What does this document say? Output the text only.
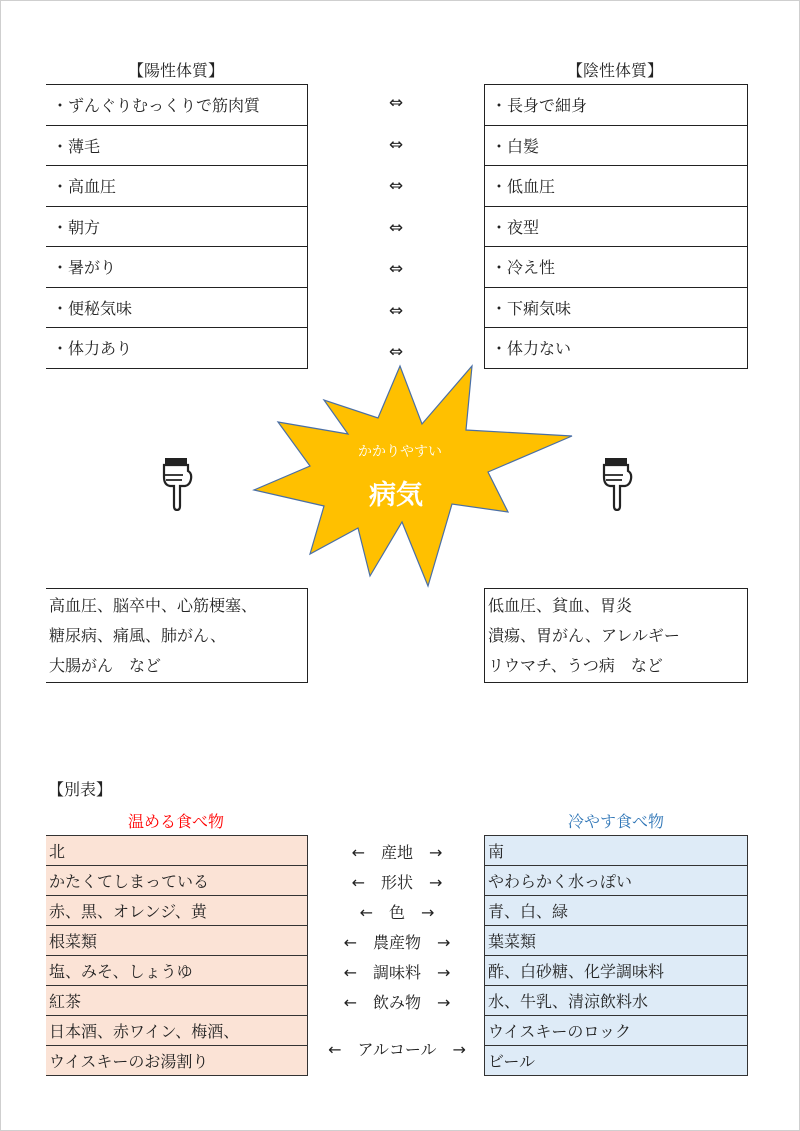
【陽性体質】	【陰性体質】
・ずんぐりむっくりで筋肉質
・薄毛
・高血圧
・朝方
・暑がり
・便秘気味
・体力あり
・長身で細身
・白髪
・低血圧
・夜型
・冷え性
・下痢気味
・体力ない
⇔
⇔
⇔
⇔
⇔
⇔
⇔
かかりやすい
病気
高血圧、脳卒中、心筋梗塞、
糖尿病、痛風、肺がん、
大腸がん　など
低血圧、貧血、胃炎
潰瘍、胃がん、アレルギー
リウマチ、うつ病　など
【別表】
温める食べ物	冷やす食べ物
北
かたくてしまっている
赤、黒、オレンジ、黄
根菜類
塩、みそ、しょうゆ
紅茶
日本酒、赤ワイン、梅酒、
ウイスキーのお湯割り
南
やわらかく水っぽい
青、白、緑
葉菜類
酢、白砂糖、化学調味料
水、牛乳、清涼飲料水
ウイスキーのロック
ビール
←　産地　→
←　形状　→
←　色　→
←　農産物　→
←　調味料　→
←　飲み物　→
←　アルコール　→
